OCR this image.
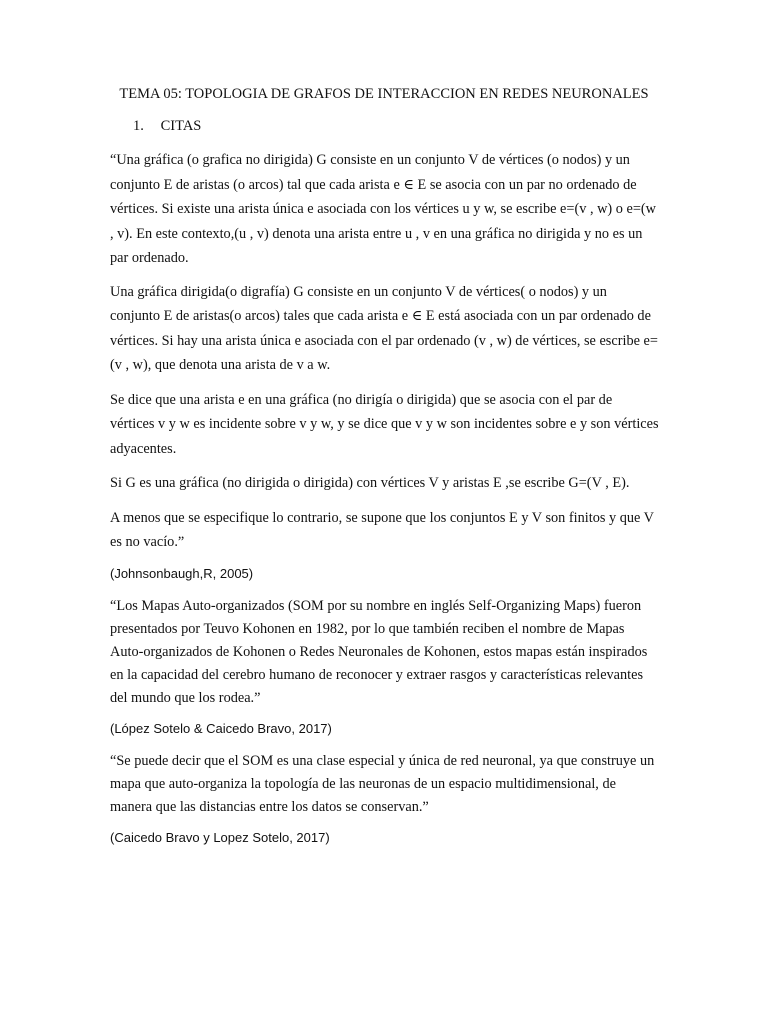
TEMA 05: TOPOLOGIA DE GRAFOS DE INTERACCION EN REDES NEURONALES
1. CITAS

“Una gráfica (o grafica no dirigida) G consiste en un conjunto V de vértices (o nodos) y un conjunto E de aristas (o arcos) tal que cada arista e ∈ E se asocia con un par no ordenado de vértices. Si existe una arista única e asociada con los vértices u y w, se escribe e=(v , w) o e=(w , v). En este contexto,(u , v) denota una arista entre u , v en una gráfica no dirigida y no es un par ordenado.

Una gráfica dirigida(o digrafía) G consiste en un conjunto V de vértices( o nodos) y un conjunto E de aristas(o arcos) tales que cada arista e ∈ E está asociada con un par ordenado de vértices. Si hay una arista única e asociada con el par ordenado (v , w) de vértices, se escribe e=(v , w), que denota una arista de v a w.

Se dice que una arista e en una gráfica (no dirigía o dirigida) que se asocia con el par de vértices v y w es incidente sobre v y w, y se dice que v y w son incidentes sobre e y son vértices adyacentes.

Si G es una gráfica (no dirigida o dirigida) con vértices V y aristas E ,se escribe G=(V , E).

A menos que se especifique lo contrario, se supone que los conjuntos E y V son finitos y que V es no vacío.”

(Johnsonbaugh,R, 2005)

“Los Mapas Auto-organizados (SOM por su nombre en inglés Self-Organizing Maps) fueron presentados por Teuvo Kohonen en 1982, por lo que también reciben el nombre de Mapas Auto-organizados de Kohonen o Redes Neuronales de Kohonen, estos mapas están inspirados en la capacidad del cerebro humano de reconocer y extraer rasgos y características relevantes del mundo que los rodea.”

(López Sotelo & Caicedo Bravo, 2017)

“Se puede decir que el SOM es una clase especial y única de red neuronal, ya que construye un mapa que auto-organiza la topología de las neuronas de un espacio multidimensional, de manera que las distancias entre los datos se conservan.”

(Caicedo Bravo y Lopez Sotelo, 2017)
